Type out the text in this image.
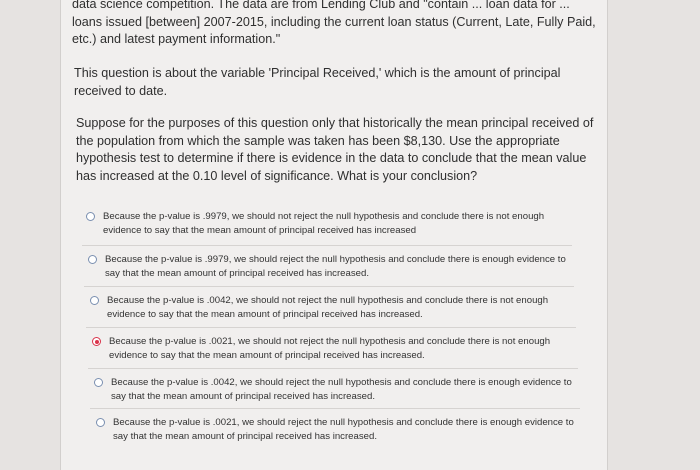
data science competition. The data are from Lending Club and "contain ... loan data for ... loans issued [between] 2007-2015, including the current loan status (Current, Late, Fully Paid, etc.) and latest payment information."
This question is about the variable 'Principal Received,' which is the amount of principal received to date.
Suppose for the purposes of this question only that historically the mean principal received of the population from which the sample was taken has been $8,130. Use the appropriate hypothesis test to determine if there is evidence in the data to conclude that the mean value has increased at the 0.10 level of significance. What is your conclusion?
Because the p-value is .9979, we should not reject the null hypothesis and conclude there is not enough evidence to say that the mean amount of principal received has increased
Because the p-value is .9979, we should reject the null hypothesis and conclude there is enough evidence to say that the mean amount of principal received has increased.
Because the p-value is .0042, we should not reject the null hypothesis and conclude there is not enough evidence to say that the mean amount of principal received has increased.
Because the p-value is .0021, we should not reject the null hypothesis and conclude there is not enough evidence to say that the mean amount of principal received has increased.
Because the p-value is .0042, we should reject the null hypothesis and conclude there is enough evidence to say that the mean amount of principal received has increased.
Because the p-value is .0021, we should reject the null hypothesis and conclude there is enough evidence to say that the mean amount of principal received has increased.
